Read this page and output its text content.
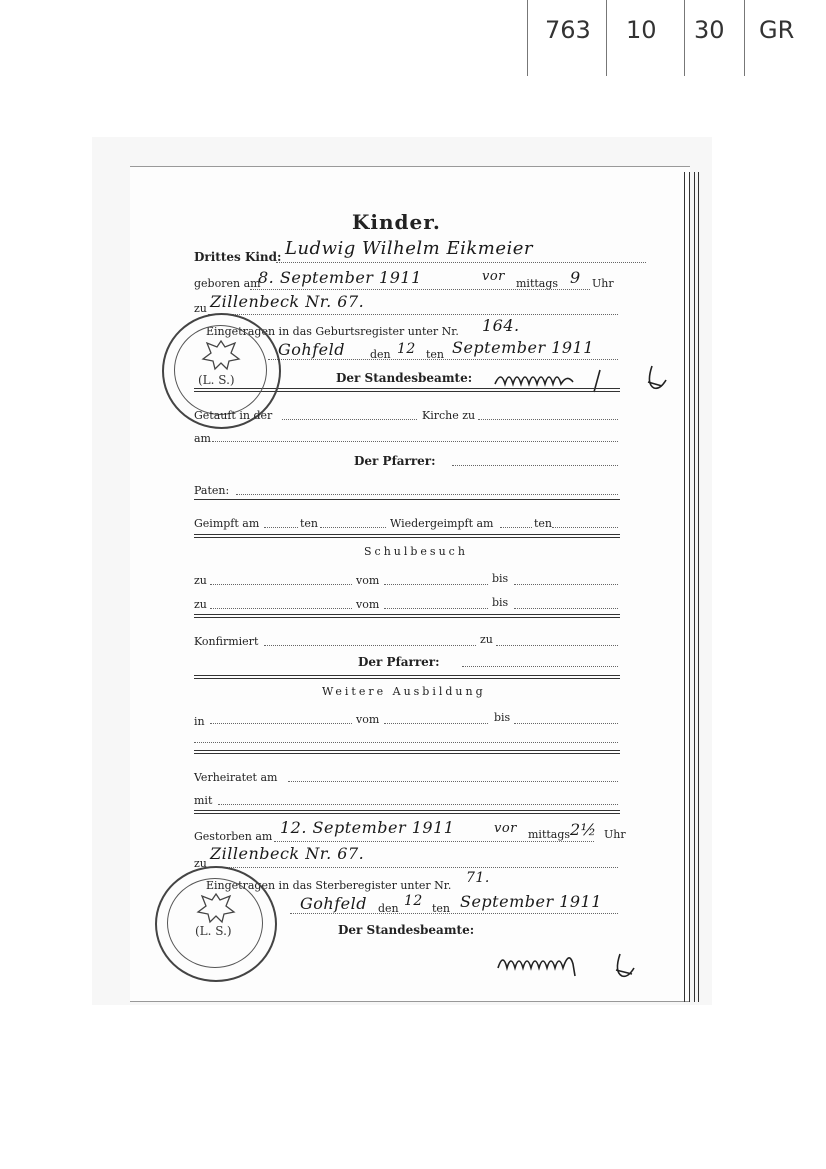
763 10 30 GR
Kinder.
Drittes Kind: Ludwig Wilhelm Eikmeier
geboren am
8. September 1911	vor mittags 9 Uhr
zu Zillenbeck Nr. 67.
Eingetragen in das Geburtsregister unter Nr. 164.
Gohfeld den 12 ten September 1911
Der Standesbeamte:
(L. S.)
Getauft in der	Kirche zu
am
Der Pfarrer:
Paten:
Geimpft am	ten	Wiedergeimpft am	ten
Schulbesuch
zu	vom	bis
zu	vom	bis
Konfirmiert	zu
Der Pfarrer:
Weitere Ausbildung
in	vom	bis
Verheiratet am
mit
Gestorben am 12. September 1911	vor mittags 2½ Uhr
zu
Zillenbeck Nr. 67.
Eingetragen in das Sterberegister unter Nr. 71.
Gohfeld den 12 ten September 1911
Der Standesbeamte:
(L. S.)
